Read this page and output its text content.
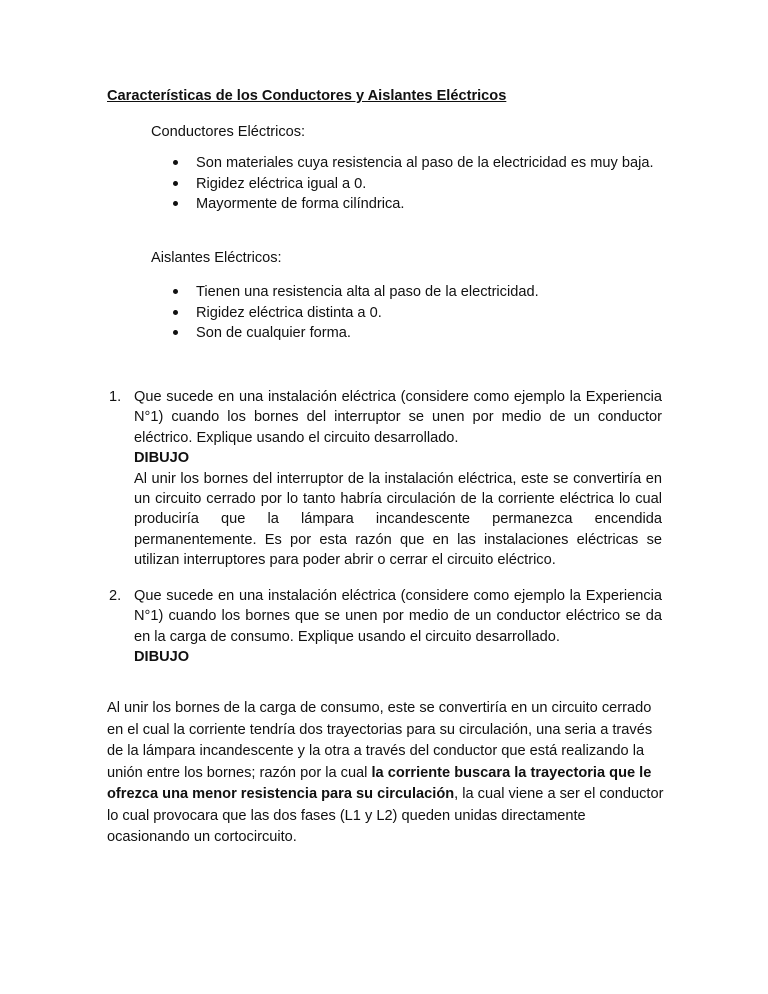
Características de los Conductores y Aislantes Eléctricos
Conductores Eléctricos:
Son materiales cuya resistencia al paso de la electricidad es muy baja.
Rigidez eléctrica igual a 0.
Mayormente de forma cilíndrica.
Aislantes Eléctricos:
Tienen una resistencia alta al paso de la electricidad.
Rigidez eléctrica distinta a 0.
Son de cualquier forma.
1. Que sucede en una instalación eléctrica (considere como ejemplo la Experiencia N°1) cuando los bornes del interruptor se unen por medio de un conductor eléctrico. Explique usando el circuito desarrollado.

DIBUJO

Al unir los bornes del interruptor de la instalación eléctrica, este se convertiría en un circuito cerrado por lo tanto habría circulación de la corriente eléctrica lo cual produciría que la lámpara incandescente permanezca encendida permanentemente. Es por esta razón que en las instalaciones eléctricas se utilizan interruptores para poder abrir o cerrar el circuito eléctrico.

2. Que sucede en una instalación eléctrica (considere como ejemplo la Experiencia N°1) cuando los bornes que se unen por medio de un conductor eléctrico se da en la carga de consumo. Explique usando el circuito desarrollado.

DIBUJO

Al unir los bornes de la carga de consumo, este se convertiría en un circuito cerrado en el cual la corriente tendría dos trayectorias para su circulación, una seria a través de la lámpara incandescente y la otra a través del conductor que está realizando la unión entre los bornes; razón por la cual la corriente buscara la trayectoria que le ofrezca una menor resistencia para su circulación, la cual viene a ser el conductor lo cual provocara que las dos fases (L1 y L2) queden unidas directamente ocasionando un cortocircuito.
